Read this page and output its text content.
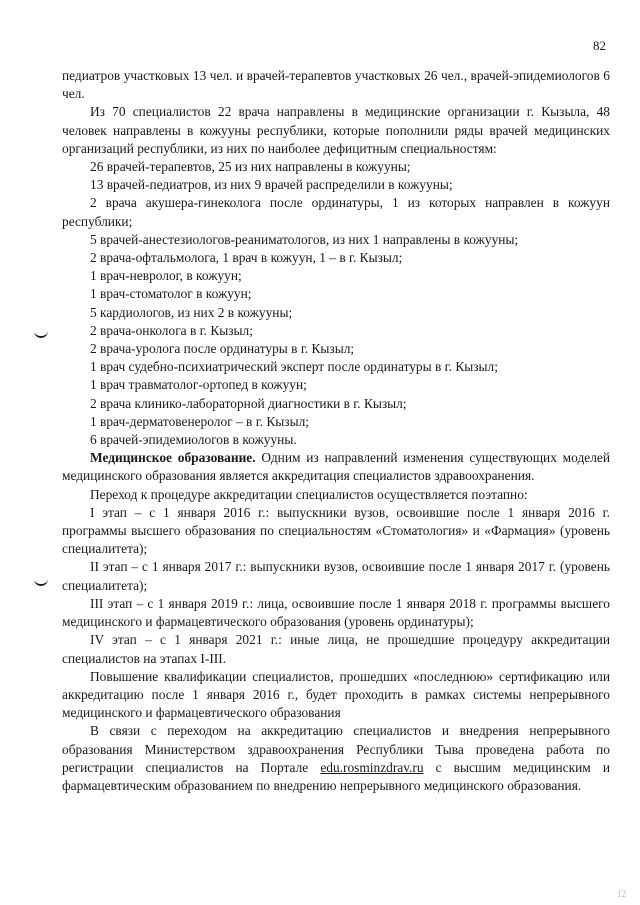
82

педиатров участковых 13 чел. и врачей-терапевтов участковых 26 чел., врачей-эпидемиологов 6 чел.

Из 70 специалистов 22 врача направлены в медицинские организации г. Кызыла, 48 человек направлены в кожууны республики, которые пополнили ряды врачей медицинских организаций республики, из них по наиболее дефицитным специальностям:

26 врачей-терапевтов, 25 из них направлены в кожууны;

13 врачей-педиатров, из них 9 врачей распределили в кожууны;

2 врача акушера-гинеколога после ординатуры, 1 из которых направлен в кожуун республики;

5 врачей-анестезиологов-реаниматологов, из них 1 направлены в кожууны;

2 врача-офтальмолога, 1 врач в кожуун, 1 – в г. Кызыл;

1 врач-невролог, в кожуун;

1 врач-стоматолог в кожуун;

5 кардиологов, из них 2 в кожууны;

2 врача-онколога в г. Кызыл;

2 врача-уролога после ординатуры в г. Кызыл;

1 врач судебно-психиатрический эксперт после ординатуры в г. Кызыл;

1 врач травматолог-ортопед в кожуун;

2 врача клинико-лабораторной диагностики в г. Кызыл;

1 врач-дерматовенеролог – в г. Кызыл;

6 врачей-эпидемиологов в кожууны.

Медицинское образование. Одним из направлений изменения существующих моделей медицинского образования является аккредитация специалистов здравоохранения.

Переход к процедуре аккредитации специалистов осуществляется поэтапно:

I этап – с 1 января 2016 г.: выпускники вузов, освоившие после 1 января 2016 г. программы высшего образования по специальностям «Стоматология» и «Фармация» (уровень специалитета);

II этап – с 1 января 2017 г.: выпускники вузов, освоившие после 1 января 2017 г. (уровень специалитета);

III этап – с 1 января 2019 г.: лица, освоившие после 1 января 2018 г. программы высшего медицинского и фармацевтического образования (уровень ординатуры);

IV этап – с 1 января 2021 г.: иные лица, не прошедшие процедуру аккредитации специалистов на этапах I-III.

Повышение квалификации специалистов, прошедших «последнюю» сертификацию или аккредитацию после 1 января 2016 г., будет проходить в рамках системы непрерывного медицинского и фармацевтического образования

В связи с переходом на аккредитацию специалистов и внедрения непрерывного образования Министерством здравоохранения Республики Тыва проведена работа по регистрации специалистов на Портале edu.rosminzdrav.ru с высшим медицинским и фармацевтическим образованием по внедрению непрерывного медицинского образования.

12
